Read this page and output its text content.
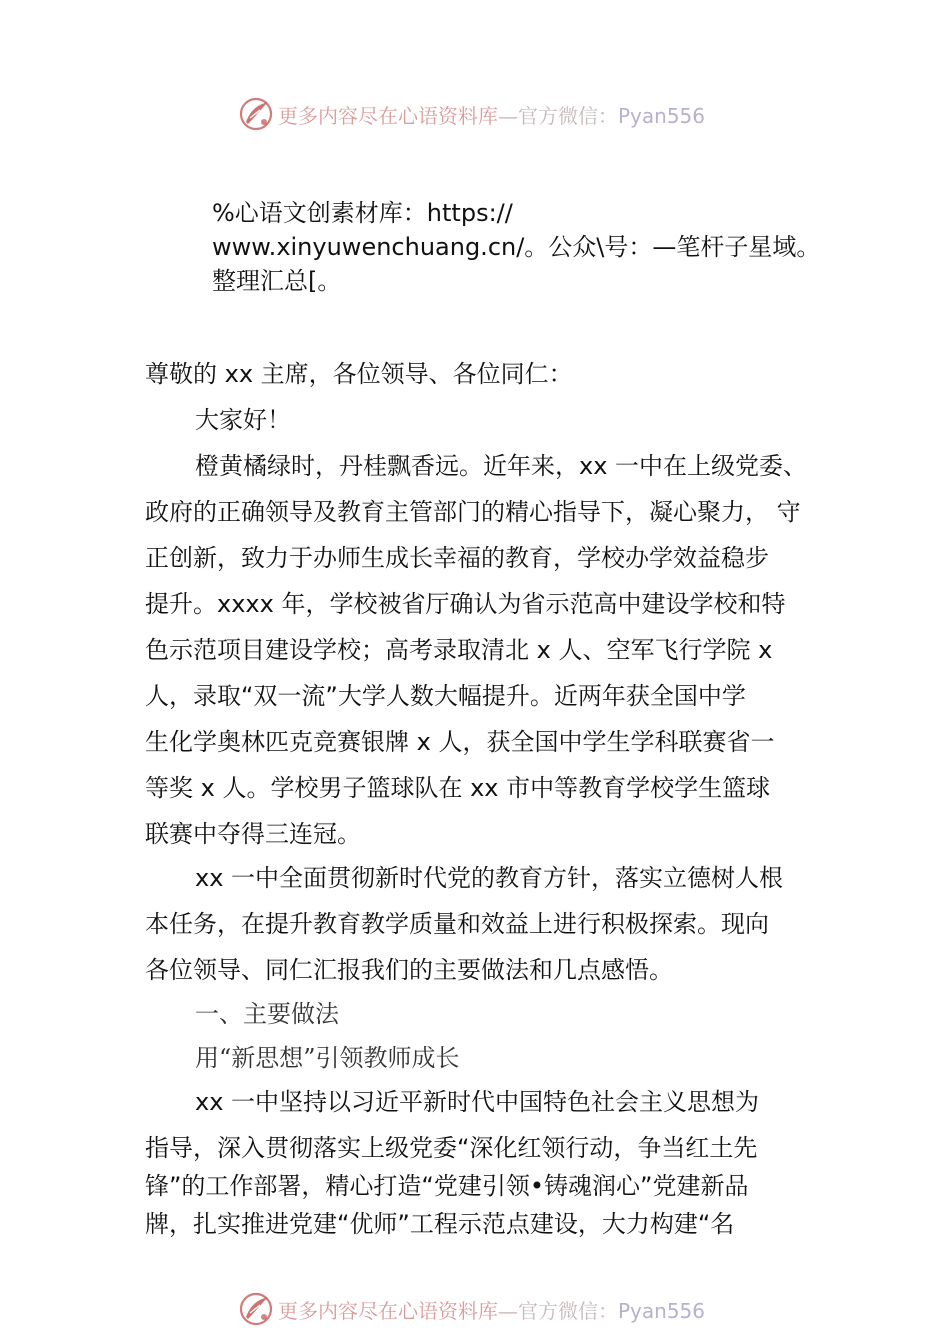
更多内容尽在心语资料库—官方微信：Pyan556
%心语文创素材库：https://
www.xinyuwenchuang.cn/。公众\号：—笔杆子星域。
整理汇总[。
尊敬的 xx 主席，各位领导、各位同仁：
大家好！
橙黄橘绿时，丹桂飘香远。近年来，xx 一中在上级党委、
政府的正确领导及教育主管部门的精心指导下，凝心聚力， 守
正创新，致力于办师生成长幸福的教育，学校办学效益稳步
提升。xxxx 年，学校被省厅确认为省示范高中建设学校和特
色示范项目建设学校；高考录取清北 x 人、空军飞行学院 x
人，录取“双一流”大学人数大幅提升。近两年获全国中学
生化学奥林匹克竞赛银牌 x 人，获全国中学生学科联赛省一
等奖 x 人。学校男子篮球队在 xx 市中等教育学校学生篮球
联赛中夺得三连冠。
xx 一中全面贯彻新时代党的教育方针，落实立德树人根
本任务，在提升教育教学质量和效益上进行积极探索。现向
各位领导、同仁汇报我们的主要做法和几点感悟。
一、主要做法
用“新思想”引领教师成长
xx 一中坚持以习近平新时代中国特色社会主义思想为
指导，深入贯彻落实上级党委“深化红领行动，争当红土先
锋”的工作部署，精心打造“党建引领•铸魂润心”党建新品
牌，扎实推进党建“优师”工程示范点建设，大力构建“名
更多内容尽在心语资料库—官方微信：Pyan556
